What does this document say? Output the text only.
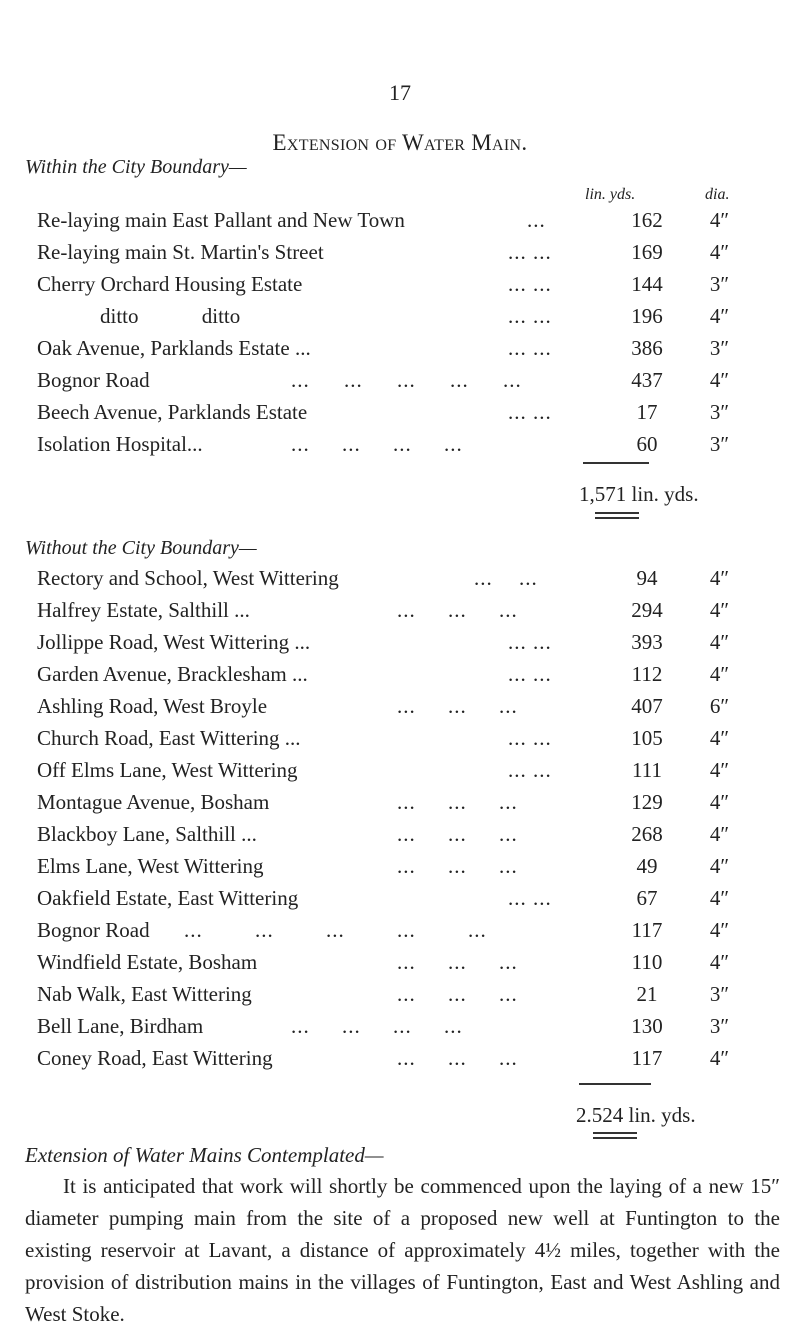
17
Extension of Water Main.
Within the City Boundary—
lin. yds.	dia.
Re-laying main East Pallant and New Town	...	162	4″
Re-laying main St. Martin's Street	... ...	169	4″
Cherry Orchard Housing Estate	... ...	144	3″
ditto ditto	... ...	196	4″
Oak Avenue, Parklands Estate ...	... ...	386	3″
Bognor Road	... ... ... ... ...	437	4″
Beech Avenue, Parklands Estate	... ...	17	3″
Isolation Hospital...	... ... ... ...	60	3″
1,571 lin. yds.
Without the City Boundary—
Rectory and School, West Wittering	... ...	94	4″
Halfrey Estate, Salthill ...	... ... ...	294	4″
Jollippe Road, West Wittering ...	... ...	393	4″
Garden Avenue, Bracklesham ...	... ...	112	4″
Ashling Road, West Broyle	... ... ...	407	6″
Church Road, East Wittering ...	... ...	105	4″
Off Elms Lane, West Wittering	... ...	111	4″
Montague Avenue, Bosham	... ... ...	129	4″
Blackboy Lane, Salthill ...	... ... ...	268	4″
Elms Lane, West Wittering	... ... ...	49	4″
Oakfield Estate, East Wittering	... ...	67	4″
Bognor Road ... ... ... ... ...	117	4″
Windfield Estate, Bosham	... ... ...	110	4″
Nab Walk, East Wittering	... ... ...	21	3″
Bell Lane, Birdham	... ... ... ...	130	3″
Coney Road, East Wittering	... ... ...	117	4″
2.524 lin. yds.
Extension of Water Mains Contemplated—
It is anticipated that work will shortly be commenced upon the laying of a new 15″ diameter pumping main from the site of a proposed new well at Funtington to the existing reservoir at Lavant, a distance of approximately 4½ miles, together with the provision of distribution mains in the villages of Funtington, East and West Ashling and West Stoke.
